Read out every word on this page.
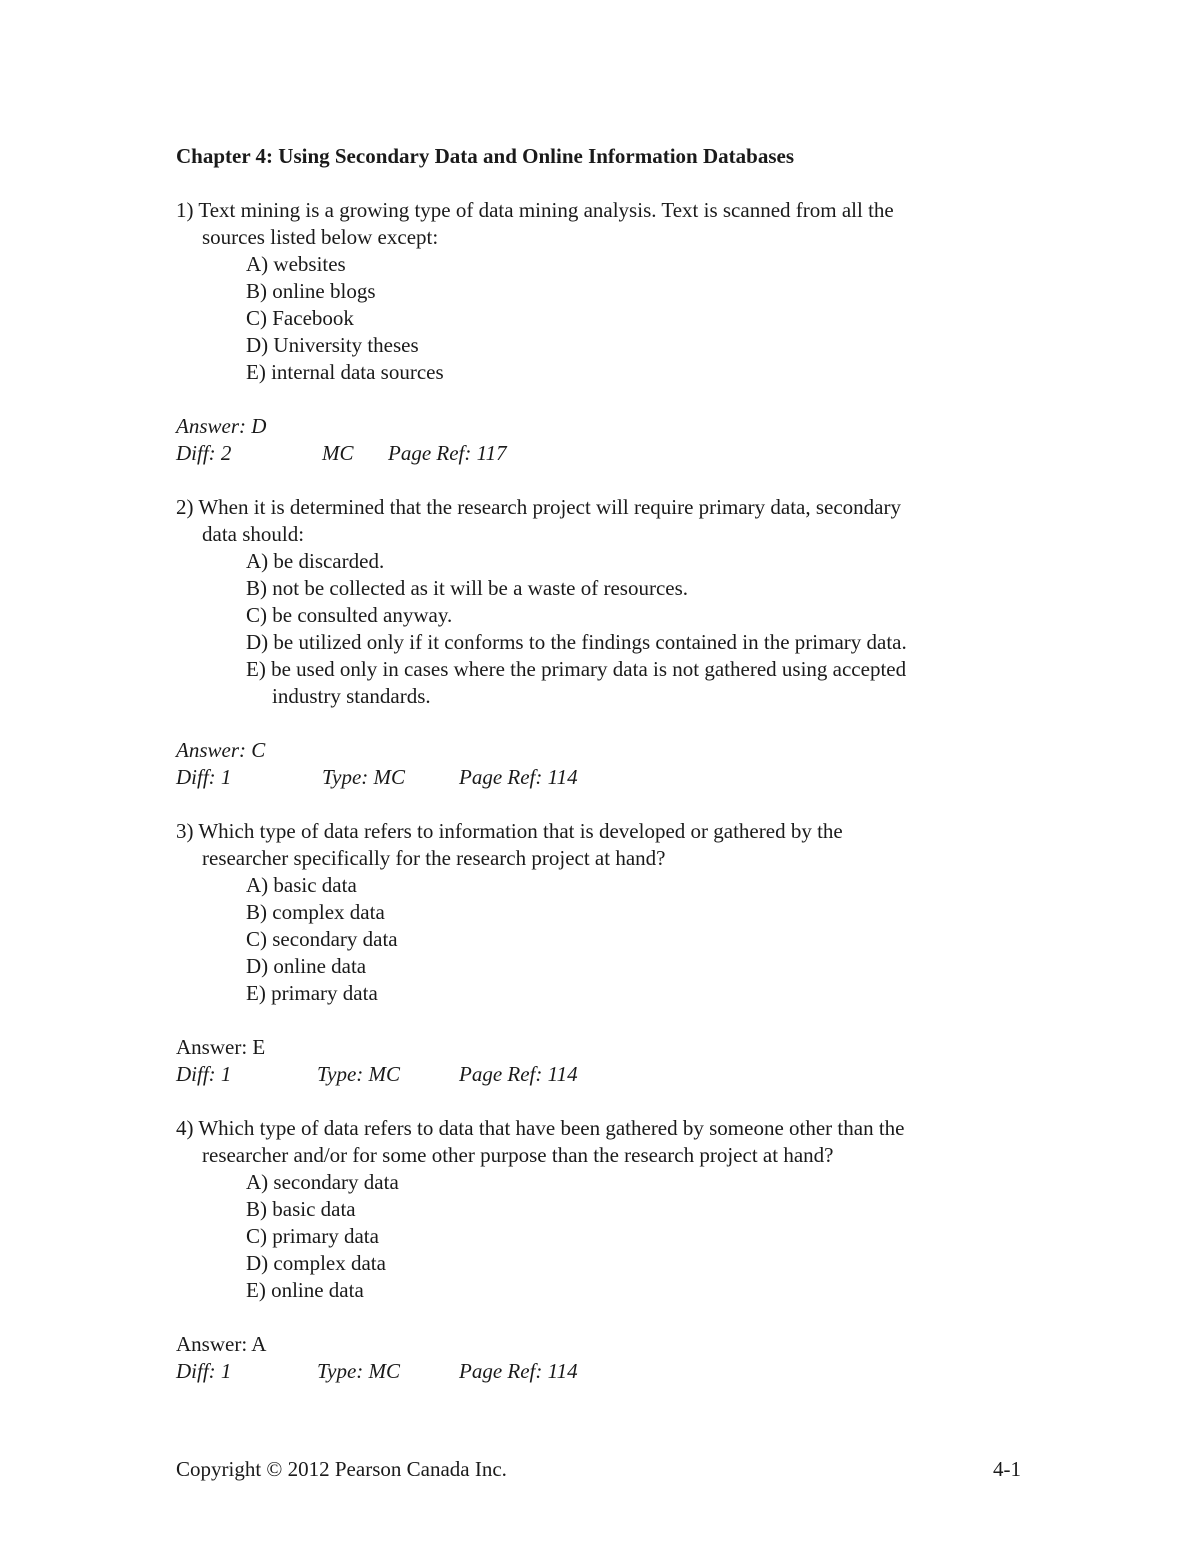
Chapter 4: Using Secondary Data and Online Information Databases
1) Text mining is a growing type of data mining analysis. Text is scanned from all the
sources listed below except:
A) websites
B) online blogs
C) Facebook
D) University theses
E) internal data sources
Answer: D
Diff: 2	MC Page Ref: 117
2) When it is determined that the research project will require primary data, secondary
data should:
A) be discarded.
B) not be collected as it will be a waste of resources.
C) be consulted anyway.
D) be utilized only if it conforms to the findings contained in the primary data.
E) be used only in cases where the primary data is not gathered using accepted
industry standards.
Answer: C
Diff: 1	Type: MC	Page Ref: 114
3) Which type of data refers to information that is developed or gathered by the
researcher specifically for the research project at hand?
A) basic data
B) complex data
C) secondary data
D) online data
E) primary data
Answer: E
Diff: 1	Type: MC	Page Ref: 114
4) Which type of data refers to data that have been gathered by someone other than the
researcher and/or for some other purpose than the research project at hand?
A) secondary data
B) basic data
C) primary data
D) complex data
E) online data
Answer: A
Diff: 1	Type: MC	Page Ref: 114
Copyright © 2012 Pearson Canada Inc.	4-1
